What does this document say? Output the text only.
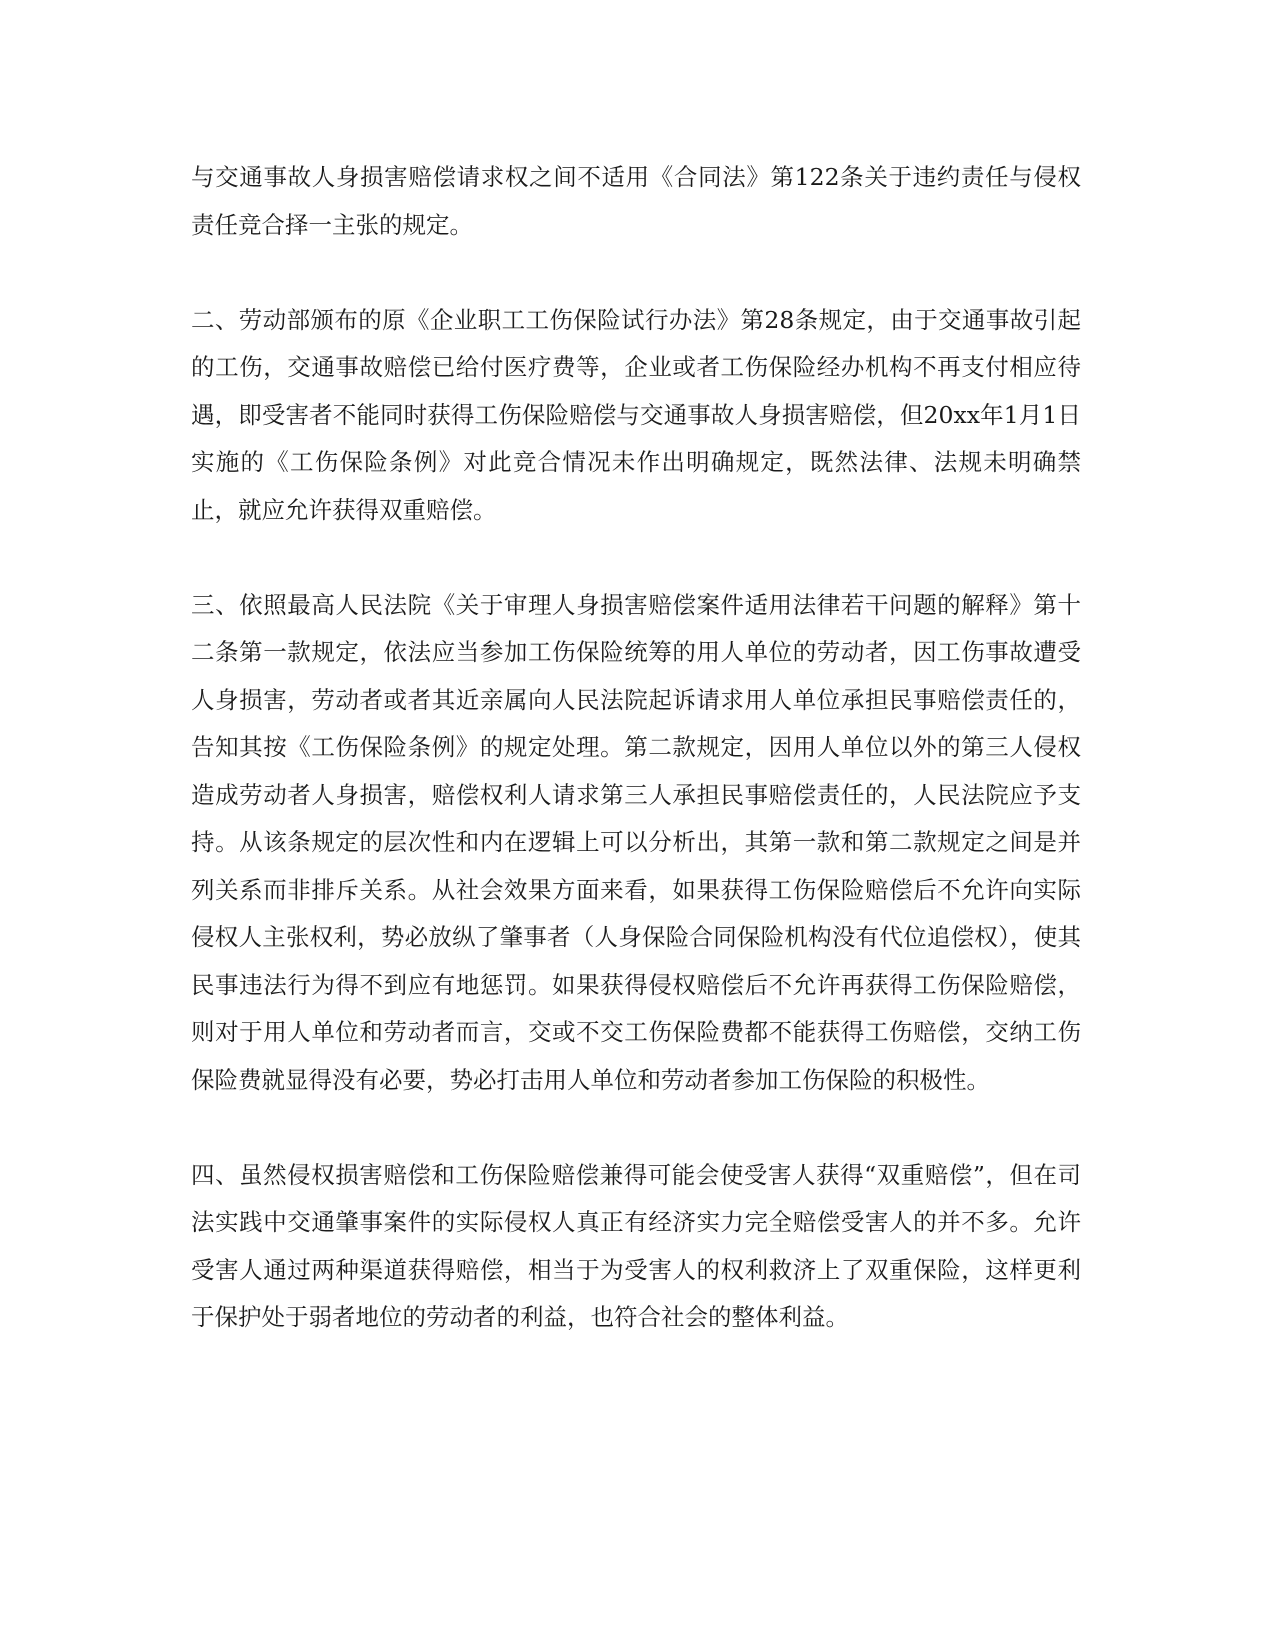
与交通事故人身损害赔偿请求权之间不适用《合同法》第122条关于违约责任与侵权责任竞合择一主张的规定。

二、劳动部颁布的原《企业职工工伤保险试行办法》第28条规定，由于交通事故引起的工伤，交通事故赔偿已给付医疗费等，企业或者工伤保险经办机构不再支付相应待遇，即受害者不能同时获得工伤保险赔偿与交通事故人身损害赔偿，但20xx年1月1日实施的《工伤保险条例》对此竞合情况未作出明确规定，既然法律、法规未明确禁止，就应允许获得双重赔偿。

三、依照最高人民法院《关于审理人身损害赔偿案件适用法律若干问题的解释》第十二条第一款规定，依法应当参加工伤保险统筹的用人单位的劳动者，因工伤事故遭受人身损害，劳动者或者其近亲属向人民法院起诉请求用人单位承担民事赔偿责任的，告知其按《工伤保险条例》的规定处理。第二款规定，因用人单位以外的第三人侵权造成劳动者人身损害，赔偿权利人请求第三人承担民事赔偿责任的，人民法院应予支持。从该条规定的层次性和内在逻辑上可以分析出，其第一款和第二款规定之间是并列关系而非排斥关系。从社会效果方面来看，如果获得工伤保险赔偿后不允许向实际侵权人主张权利，势必放纵了肇事者（人身保险合同保险机构没有代位追偿权），使其民事违法行为得不到应有地惩罚。如果获得侵权赔偿后不允许再获得工伤保险赔偿，则对于用人单位和劳动者而言，交或不交工伤保险费都不能获得工伤赔偿，交纳工伤保险费就显得没有必要，势必打击用人单位和劳动者参加工伤保险的积极性。

四、虽然侵权损害赔偿和工伤保险赔偿兼得可能会使受害人获得“双重赔偿”，但在司法实践中交通肇事案件的实际侵权人真正有经济实力完全赔偿受害人的并不多。允许受害人通过两种渠道获得赔偿，相当于为受害人的权利救济上了双重保险，这样更利于保护处于弱者地位的劳动者的利益，也符合社会的整体利益。
